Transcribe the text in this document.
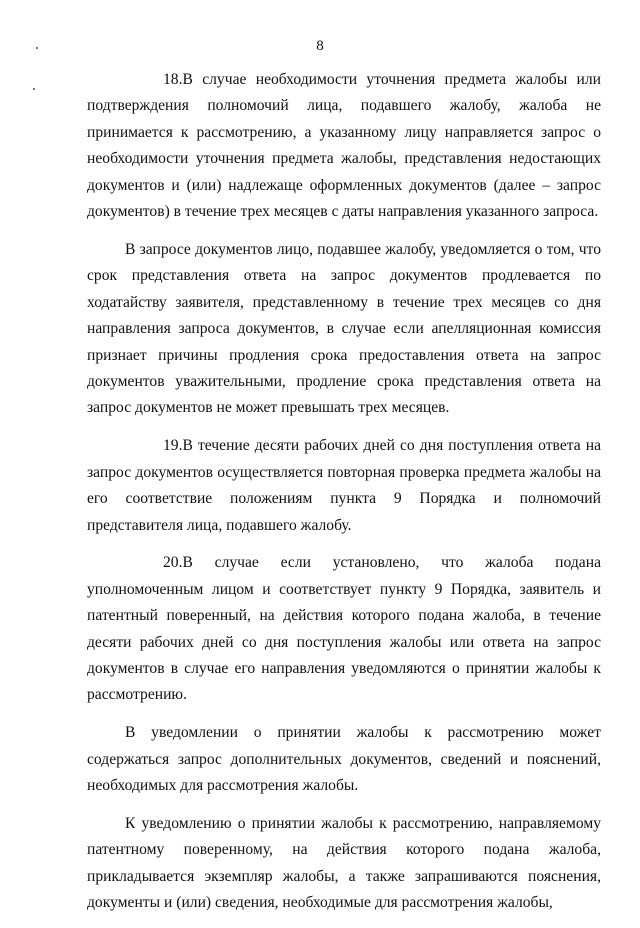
8

18.В случае необходимости уточнения предмета жалобы или подтверждения полномочий лица, подавшего жалобу, жалоба не принимается к рассмотрению, а указанному лицу направляется запрос о необходимости уточнения предмета жалобы, представления недостающих документов и (или) надлежаще оформленных документов (далее – запрос документов) в течение трех месяцев с даты направления указанного запроса.

В запросе документов лицо, подавшее жалобу, уведомляется о том, что срок представления ответа на запрос документов продлевается по ходатайству заявителя, представленному в течение трех месяцев со дня направления запроса документов, в случае если апелляционная комиссия признает причины продления срока предоставления ответа на запрос документов уважительными, продление срока представления ответа на запрос документов не может превышать трех месяцев.

19.В течение десяти рабочих дней со дня поступления ответа на запрос документов осуществляется повторная проверка предмета жалобы на его соответствие положениям пункта 9 Порядка и полномочий представителя лица, подавшего жалобу.

20.В случае если установлено, что жалоба подана уполномоченным лицом и соответствует пункту 9 Порядка, заявитель и патентный поверенный, на действия которого подана жалоба, в течение десяти рабочих дней со дня поступления жалобы или ответа на запрос документов в случае его направления уведомляются о принятии жалобы к рассмотрению.

В уведомлении о принятии жалобы к рассмотрению может содержаться запрос дополнительных документов, сведений и пояснений, необходимых для рассмотрения жалобы.

К уведомлению о принятии жалобы к рассмотрению, направляемому патентному поверенному, на действия которого подана жалоба, прикладывается экземпляр жалобы, а также запрашиваются пояснения, документы и (или) сведения, необходимые для рассмотрения жалобы,
